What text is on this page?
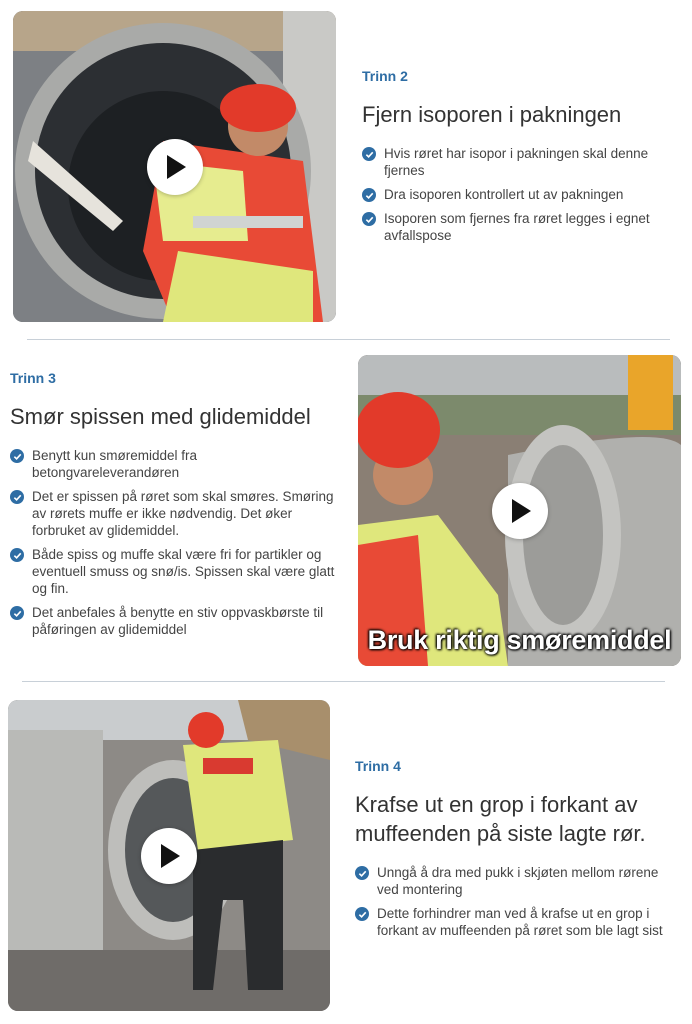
Trinn 2
Fjern isoporen i pakningen
Hvis røret har isopor i pakningen skal denne fjernes
Dra isoporen kontrollert ut av pakningen
Isoporen som fjernes fra røret legges i egnet avfallspose
Trinn 3
Smør spissen med glidemiddel
Benytt kun smøremiddel fra betongvareleverandøren
Det er spissen på røret som skal smøres. Smøring av rørets muffe er ikke nødvendig. Det øker forbruket av glidemiddel.
Både spiss og muffe skal være fri for partikler og eventuell smuss og snø/is. Spissen skal være glatt og fin.
Det anbefales å benytte en stiv oppvaskbørste til påføringen av glidemiddel	Bruk riktig smøremiddel
Trinn 4
Krafse ut en grop i forkant av muffeenden på siste lagte rør.
Unngå å dra med pukk i skjøten mellom rørene ved montering
Dette forhindrer man ved å krafse ut en grop i forkant av muffeenden på røret som ble lagt sist
